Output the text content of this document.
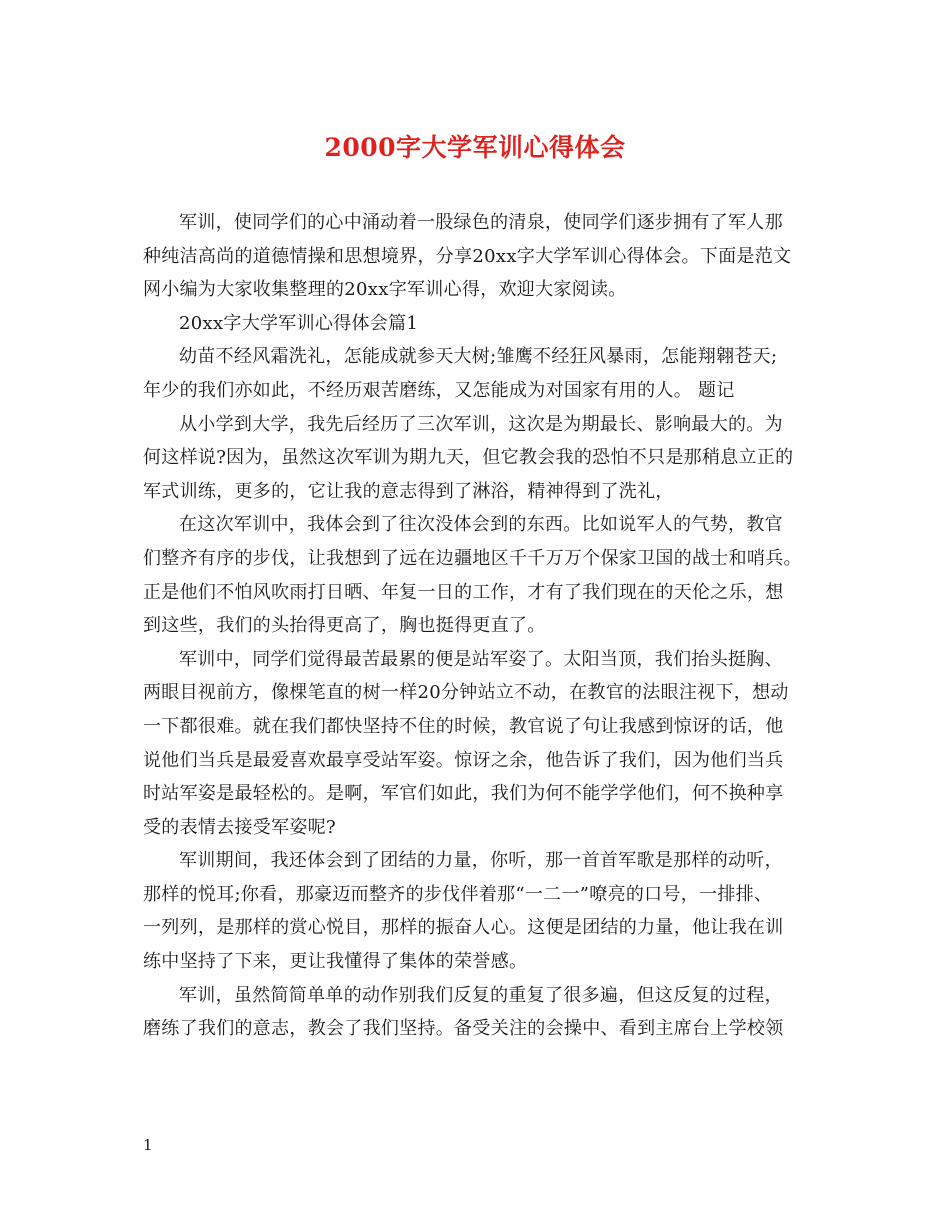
2000字大学军训心得体会
军训，使同学们的心中涌动着一股绿色的清泉，使同学们逐步拥有了军人那
种纯洁高尚的道德情操和思想境界，分享20xx字大学军训心得体会。下面是范文
网小编为大家收集整理的20xx字军训心得，欢迎大家阅读。
20xx字大学军训心得体会篇1
幼苗不经风霜洗礼，怎能成就参天大树;雏鹰不经狂风暴雨，怎能翔翱苍天;
年少的我们亦如此，不经历艰苦磨练，又怎能成为对国家有用的人。 题记
从小学到大学，我先后经历了三次军训，这次是为期最长、影响最大的。为
何这样说?因为，虽然这次军训为期九天，但它教会我的恐怕不只是那稍息立正的
军式训练，更多的，它让我的意志得到了淋浴，精神得到了洗礼，
在这次军训中，我体会到了往次没体会到的东西。比如说军人的气势，教官
们整齐有序的步伐，让我想到了远在边疆地区千千万万个保家卫国的战士和哨兵。
正是他们不怕风吹雨打日晒、年复一日的工作，才有了我们现在的天伦之乐，想
到这些，我们的头抬得更高了，胸也挺得更直了。
军训中，同学们觉得最苦最累的便是站军姿了。太阳当顶，我们抬头挺胸、
两眼目视前方，像棵笔直的树一样20分钟站立不动，在教官的法眼注视下，想动
一下都很难。就在我们都快坚持不住的时候，教官说了句让我感到惊讶的话，他
说他们当兵是最爱喜欢最享受站军姿。惊讶之余，他告诉了我们，因为他们当兵
时站军姿是最轻松的。是啊，军官们如此，我们为何不能学学他们，何不换种享
受的表情去接受军姿呢?
军训期间，我还体会到了团结的力量，你听，那一首首军歌是那样的动听，
那样的悦耳;你看，那豪迈而整齐的步伐伴着那“一二一”嘹亮的口号，一排排、
一列列，是那样的赏心悦目，那样的振奋人心。这便是团结的力量，他让我在训
练中坚持了下来，更让我懂得了集体的荣誉感。
军训，虽然简简单单的动作别我们反复的重复了很多遍，但这反复的过程，
磨练了我们的意志，教会了我们坚持。备受关注的会操中、看到主席台上学校领
1
